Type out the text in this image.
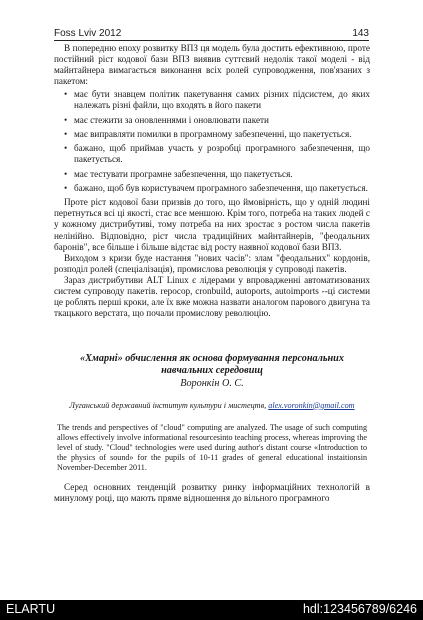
Foss Lviv 2012	143

В попередню епоху розвитку ВПЗ ця модель була достить ефективною, проте постійний ріст кодової бази ВПЗ виявив суттєвий недолік такої моделі - від майнтайнера вимагається виконання всіх ролей супроводження, пов'язаних з пакетом:

• має бути знавцем політик пакетування самих різних підсистем, до яких належать різні файли, що входять в його пакети
• має стежити за оновленнями і оновлювати пакети
• має виправляти помилки в програмному забезпеченні, що пакетується.
• бажано, щоб приймав участь у розробці програмного забезпечення, що пакетується.
• має тестувати програмне забезпечення, що пакетується.
• бажано, щоб був користувачем програмного забезпечення, що пакетується.

Проте ріст кодової бази призвів до того, що ймовірність, що у одній людині перетнуться всі ці якості, стає все меншою. Крім того, потреба на таких людей с у кожному дистрибутиві, тому потреба на них зростає з ростом числа пакетів нелінійно. Відповідно, ріст числа традиційних майнтайнерів, "феодальних баронів", все більше і більше відстає від росту наявної кодової бази ВПЗ.

Виходом з кризи буде настання "нових часів": злам "феодальних" кордонів, розподіл ролей (спеціалізація), промислова революція у супроводі пакетів.

Зараз дистрибутиви ALT Linux є лідерами у впровадженні автоматизованих систем супроводу пакетів. repocop, cronbuild, autoports, autoimports --ці системи це роблять перші кроки, але їх вже можна назвати аналогом парового двигуна та ткацького верстата, що почали промислову революцію.

«Хмарні» обчислення як основа формування персональних
навчальних середовищ
Воронкін О. С.
Луганський державний інститут культури і мистецтв, alex.voronkin@gmail.com

The trends and perspectives of "cloud" computing are analyzed. The usage of such computing allows effectively involve informational resourcesinto teaching process, whereas improving the level of study. "Cloud" technologies were used during author's distant course «Introduction to the physics of sound» for the pupils of 10-11 grades of general educational instaitionsin November-December 2011.

Серед основних тенденцій розвитку ринку інформаційних технологій в минулому році, що мають пряме відношення до вільного програмного

ELARTU	hdl:123456789/6246
